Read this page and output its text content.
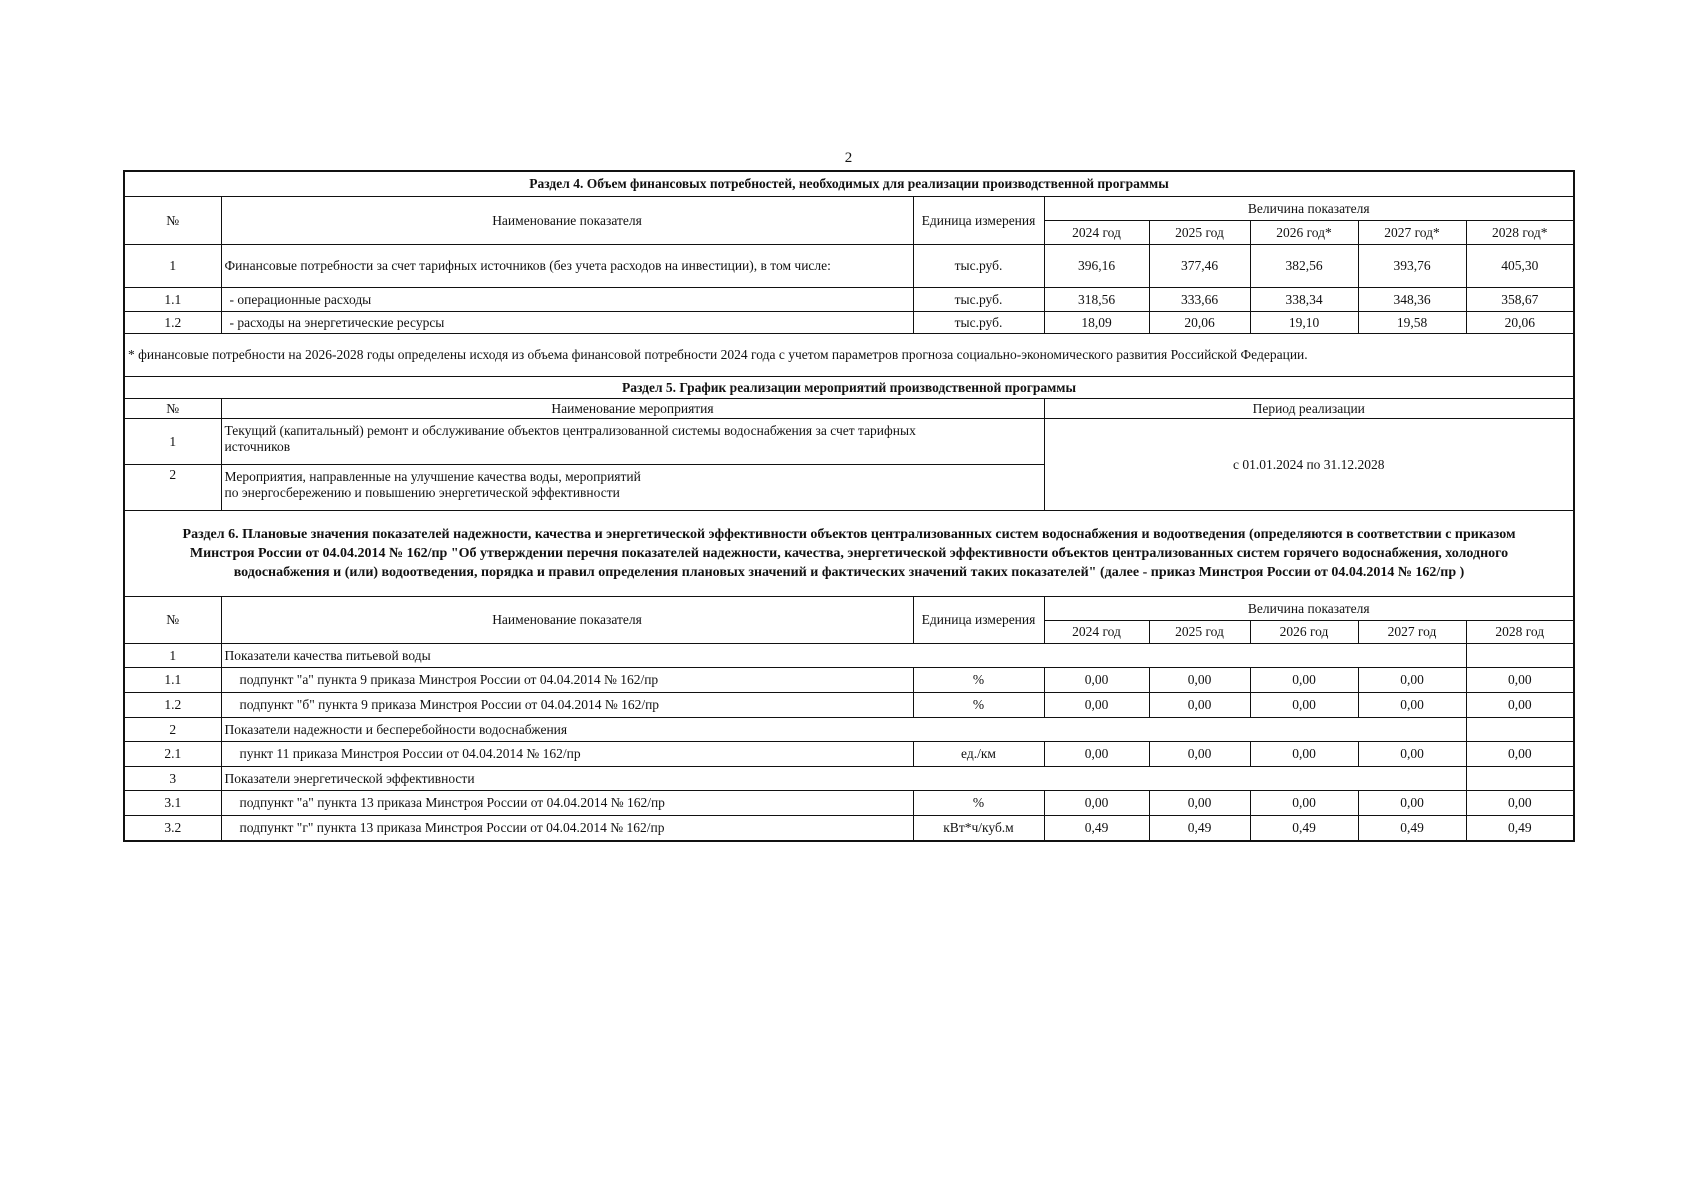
2
Раздел 4. Объем финансовых потребностей, необходимых для реализации производственной программы							
№	Наименование показателя	Единица измерения	Величина показателя				
			2024 год	2025 год	2026 год*	2027 год*	2028 год*
1	Финансовые потребности за счет тарифных источников (без учета расходов на инвестиции), в том числе:	тыс.руб.	396,16	377,46	382,56	393,76	405,30
1.1	- операционные расходы	тыс.руб.	318,56	333,66	338,34	348,36	358,67
1.2	- расходы на энергетические ресурсы	тыс.руб.	18,09	20,06	19,10	19,58	20,06
* финансовые потребности на 2026-2028 годы определены исходя из объема финансовой потребности 2024 года с учетом параметров прогноза социально-экономического развития Российской Федерации.							
Раздел 5. График реализации мероприятий производственной программы							
№	Наименование мероприятия		Период реализации				
1	Текущий (капитальный) ремонт и обслуживание объектов централизованной системы водоснабжения за счет тарифных
источников		с 01.01.2024 по 31.12.2028				
2	Мероприятия, направленные на улучшение качества воды, мероприятий
по энергосбережению и повышению энергетической эффективности						

Раздел 6. Плановые значения показателей надежности, качества и энергетической эффективности объектов централизованных систем водоснабжения и водоотведения (определяются в соответствии с приказом
Минстроя России от 04.04.2014 № 162/пр "Об утверждении перечня показателей надежности, качества, энергетической эффективности объектов централизованных систем горячего водоснабжения, холодного
водоснабжения и (или) водоотведения, порядка и правил определения плановых значений и фактических значений таких показателей" (далее - приказ Минстроя России от 04.04.2014 № 162/пр )							

№	Наименование показателя	Единица измерения	Величина показателя				
			2024 год	2025 год	2026 год	2027 год	2028 год
1	Показатели качества питьевой воды						
1.1	подпункт "а" пункта 9 приказа Минстроя России от 04.04.2014 № 162/пр	%	0,00	0,00	0,00	0,00	0,00
1.2	подпункт "б" пункта 9 приказа Минстроя России от 04.04.2014 № 162/пр	%	0,00	0,00	0,00	0,00	0,00
2	Показатели надежности и бесперебойности водоснабжения						
2.1	пункт 11 приказа Минстроя России от 04.04.2014 № 162/пр	ед./км	0,00	0,00	0,00	0,00	0,00
3	Показатели энергетической эффективности						
3.1	подпункт "а" пункта 13 приказа Минстроя России от 04.04.2014 № 162/пр	%	0,00	0,00	0,00	0,00	0,00
3.2	подпункт "г" пункта 13 приказа Минстроя России от 04.04.2014 № 162/пр	кВт*ч/куб.м	0,49	0,49	0,49	0,49	0,49
